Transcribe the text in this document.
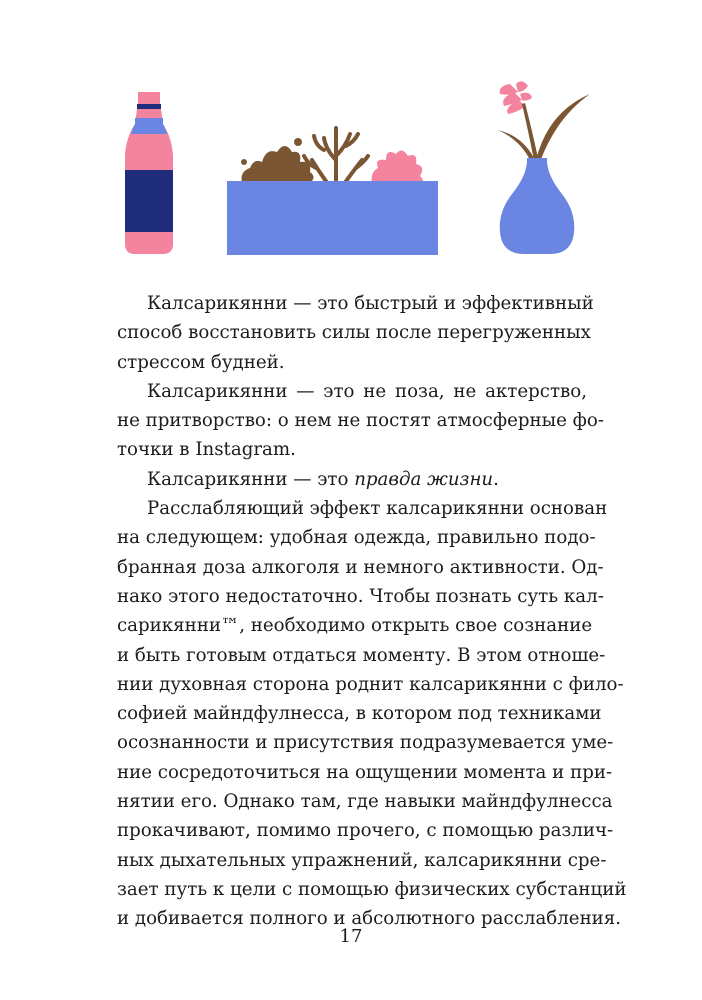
Калсарикянни — это быстрый и эффективный
способ восстановить силы после перегруженных
стрессом будней.
Калсарикянни — это не поза, не актерство,
не притворство: о нем не постят атмосферные фо-
точки в Instagram.
Калсарикянни — это правда жизни.
Расслабляющий эффект калсарикянни основан
на следующем: удобная одежда, правильно подо-
бранная доза алкоголя и немного активности. Од-
нако этого недостаточно. Чтобы познать суть кал-
сарикянни™, необходимо открыть свое сознание
и быть готовым отдаться моменту. В этом отноше-
нии духовная сторона роднит калсарикянни с фило-
софией майндфулнесса, в котором под техниками
осознанности и присутствия подразумевается уме-
ние сосредоточиться на ощущении момента и при-
нятии его. Однако там, где навыки майндфулнесса
прокачивают, помимо прочего, с помощью различ-
ных дыхательных упражнений, калсарикянни сре-
зает путь к цели с помощью физических субстанций
и добивается полного и абсолютного расслабления.
17
